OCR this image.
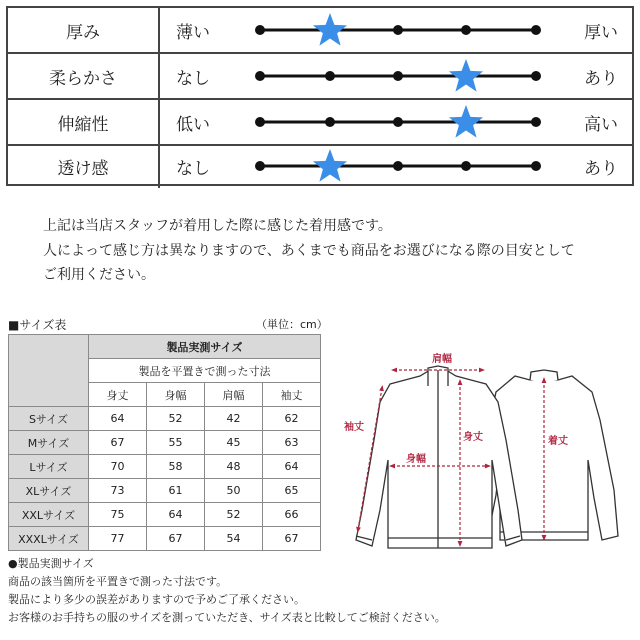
厚み	薄い	厚い
柔らかさ	なし	あり
伸縮性	低い	高い
透け感	なし	あり
上記は当店スタッフが着用した際に感じた着用感です。
人によって感じ方は異なりますので、あくまでも商品をお選びになる際の目安として
ご利用ください。
■サイズ表	（単位：cm）
	製品実測サイズ			
	製品を平置きで測った寸法			
	身丈	身幅	肩幅	袖丈
Sサイズ	64	52	42	62
Mサイズ	67	55	45	63
Lサイズ	70	58	48	64
XLサイズ	73	61	50	65
XXLサイズ	75	64	52	66
XXXLサイズ	77	67	54	67
●製品実測サイズ
商品の該当箇所を平置きで測った寸法です。
製品により多少の誤差がありますので予めご了承ください。
お客様のお手持ちの服のサイズを測っていただき、サイズ表と比較してご検討ください。
肩幅
袖丈
身丈
身幅
着丈
